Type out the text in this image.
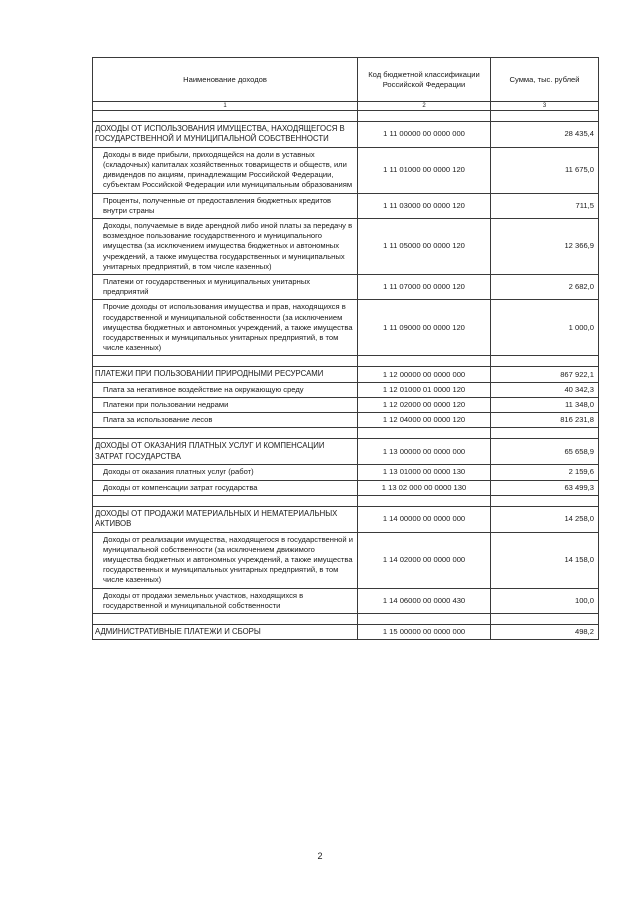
Наименование доходов	Код бюджетной классификации Российской Федерации	Сумма, тыс. рублей
1	2	3

ДОХОДЫ ОТ ИСПОЛЬЗОВАНИЯ ИМУЩЕСТВА, НАХОДЯЩЕГОСЯ В ГОСУДАРСТВЕННОЙ И МУНИЦИПАЛЬНОЙ СОБСТВЕННОСТИ	1 11 00000 00 0000 000	28 435,4
Доходы в виде прибыли, приходящейся на доли в уставных (складочных) капиталах хозяйственных товариществ и обществ, или дивидендов по акциям, принадлежащим Российской Федерации, субъектам Российской Федерации или муниципальным образованиям	1 11 01000 00 0000 120	11 675,0
Проценты, полученные от предоставления бюджетных кредитов внутри страны	1 11 03000 00 0000 120	711,5
Доходы, получаемые в виде арендной либо иной платы за передачу в возмездное пользование государственного и муниципального имущества (за исключением имущества бюджетных и автономных учреждений, а также имущества государственных и муниципальных унитарных предприятий, в том числе казенных)	1 11 05000 00 0000 120	12 366,9
Платежи от государственных и муниципальных унитарных предприятий	1 11 07000 00 0000 120	2 682,0
Прочие доходы от использования имущества и прав, находящихся в государственной и муниципальной собственности (за исключением имущества бюджетных и автономных учреждений, а также имущества государственных и муниципальных унитарных предприятий, в том числе казенных)	1 11 09000 00 0000 120	1 000,0

ПЛАТЕЖИ ПРИ ПОЛЬЗОВАНИИ ПРИРОДНЫМИ РЕСУРСАМИ	1 12 00000 00 0000 000	867 922,1
Плата за негативное воздействие на окружающую среду	1 12 01000 01 0000 120	40 342,3
Платежи при пользовании недрами	1 12 02000 00 0000 120	11 348,0
Плата за использование лесов	1 12 04000 00 0000 120	816 231,8

ДОХОДЫ ОТ ОКАЗАНИЯ ПЛАТНЫХ УСЛУГ И КОМПЕНСАЦИИ ЗАТРАТ ГОСУДАРСТВА	1 13 00000 00 0000 000	65 658,9
Доходы от оказания платных услуг (работ)	1 13 01000 00 0000 130	2 159,6
Доходы от компенсации затрат государства	1 13 02 000 00 0000 130	63 499,3

ДОХОДЫ ОТ ПРОДАЖИ МАТЕРИАЛЬНЫХ И НЕМАТЕРИАЛЬНЫХ АКТИВОВ	1 14 00000 00 0000 000	14 258,0
Доходы от реализации имущества, находящегося в государственной и муниципальной собственности (за исключением движимого имущества бюджетных и автономных учреждений, а также имущества государственных и муниципальных унитарных предприятий, в том числе казенных)	1 14 02000 00 0000 000	14 158,0
Доходы от продажи земельных участков, находящихся в государственной и муниципальной собственности	1 14 06000 00 0000 430	100,0

АДМИНИСТРАТИВНЫЕ ПЛАТЕЖИ И СБОРЫ	1 15 00000 00 0000 000	498,2
2
